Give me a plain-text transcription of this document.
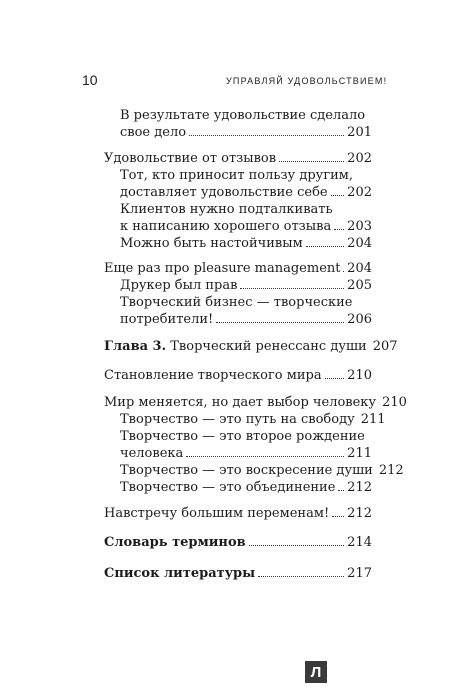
10	УПРАВЛЯЙ УДОВОЛЬСТВИЕМ!
В результате удовольствие сделало
свое дело	201
Удовольствие от отзывов	202
Тот, кто приносит пользу другим,
доставляет удовольствие себе 202
Клиентов нужно подталкивать
к написанию хорошего отзыва 203
Можно быть настойчивым	204
Еще раз про pleasure management 204
Друкер был прав	205
Творческий бизнес — творческие
потребители!	206
Глава 3. Творческий ренессанс души 207
Становление творческого мира 210
Мир меняется, но дает выбор человеку 210
Творчество — это путь на свободу 211
Творчество — это второе рождение
человека	211
Творчество — это воскресение души 212
Творчество — это объединение 212
Навстречу большим переменам! 212
Словарь терминов	214
Список литературы	217
Л
